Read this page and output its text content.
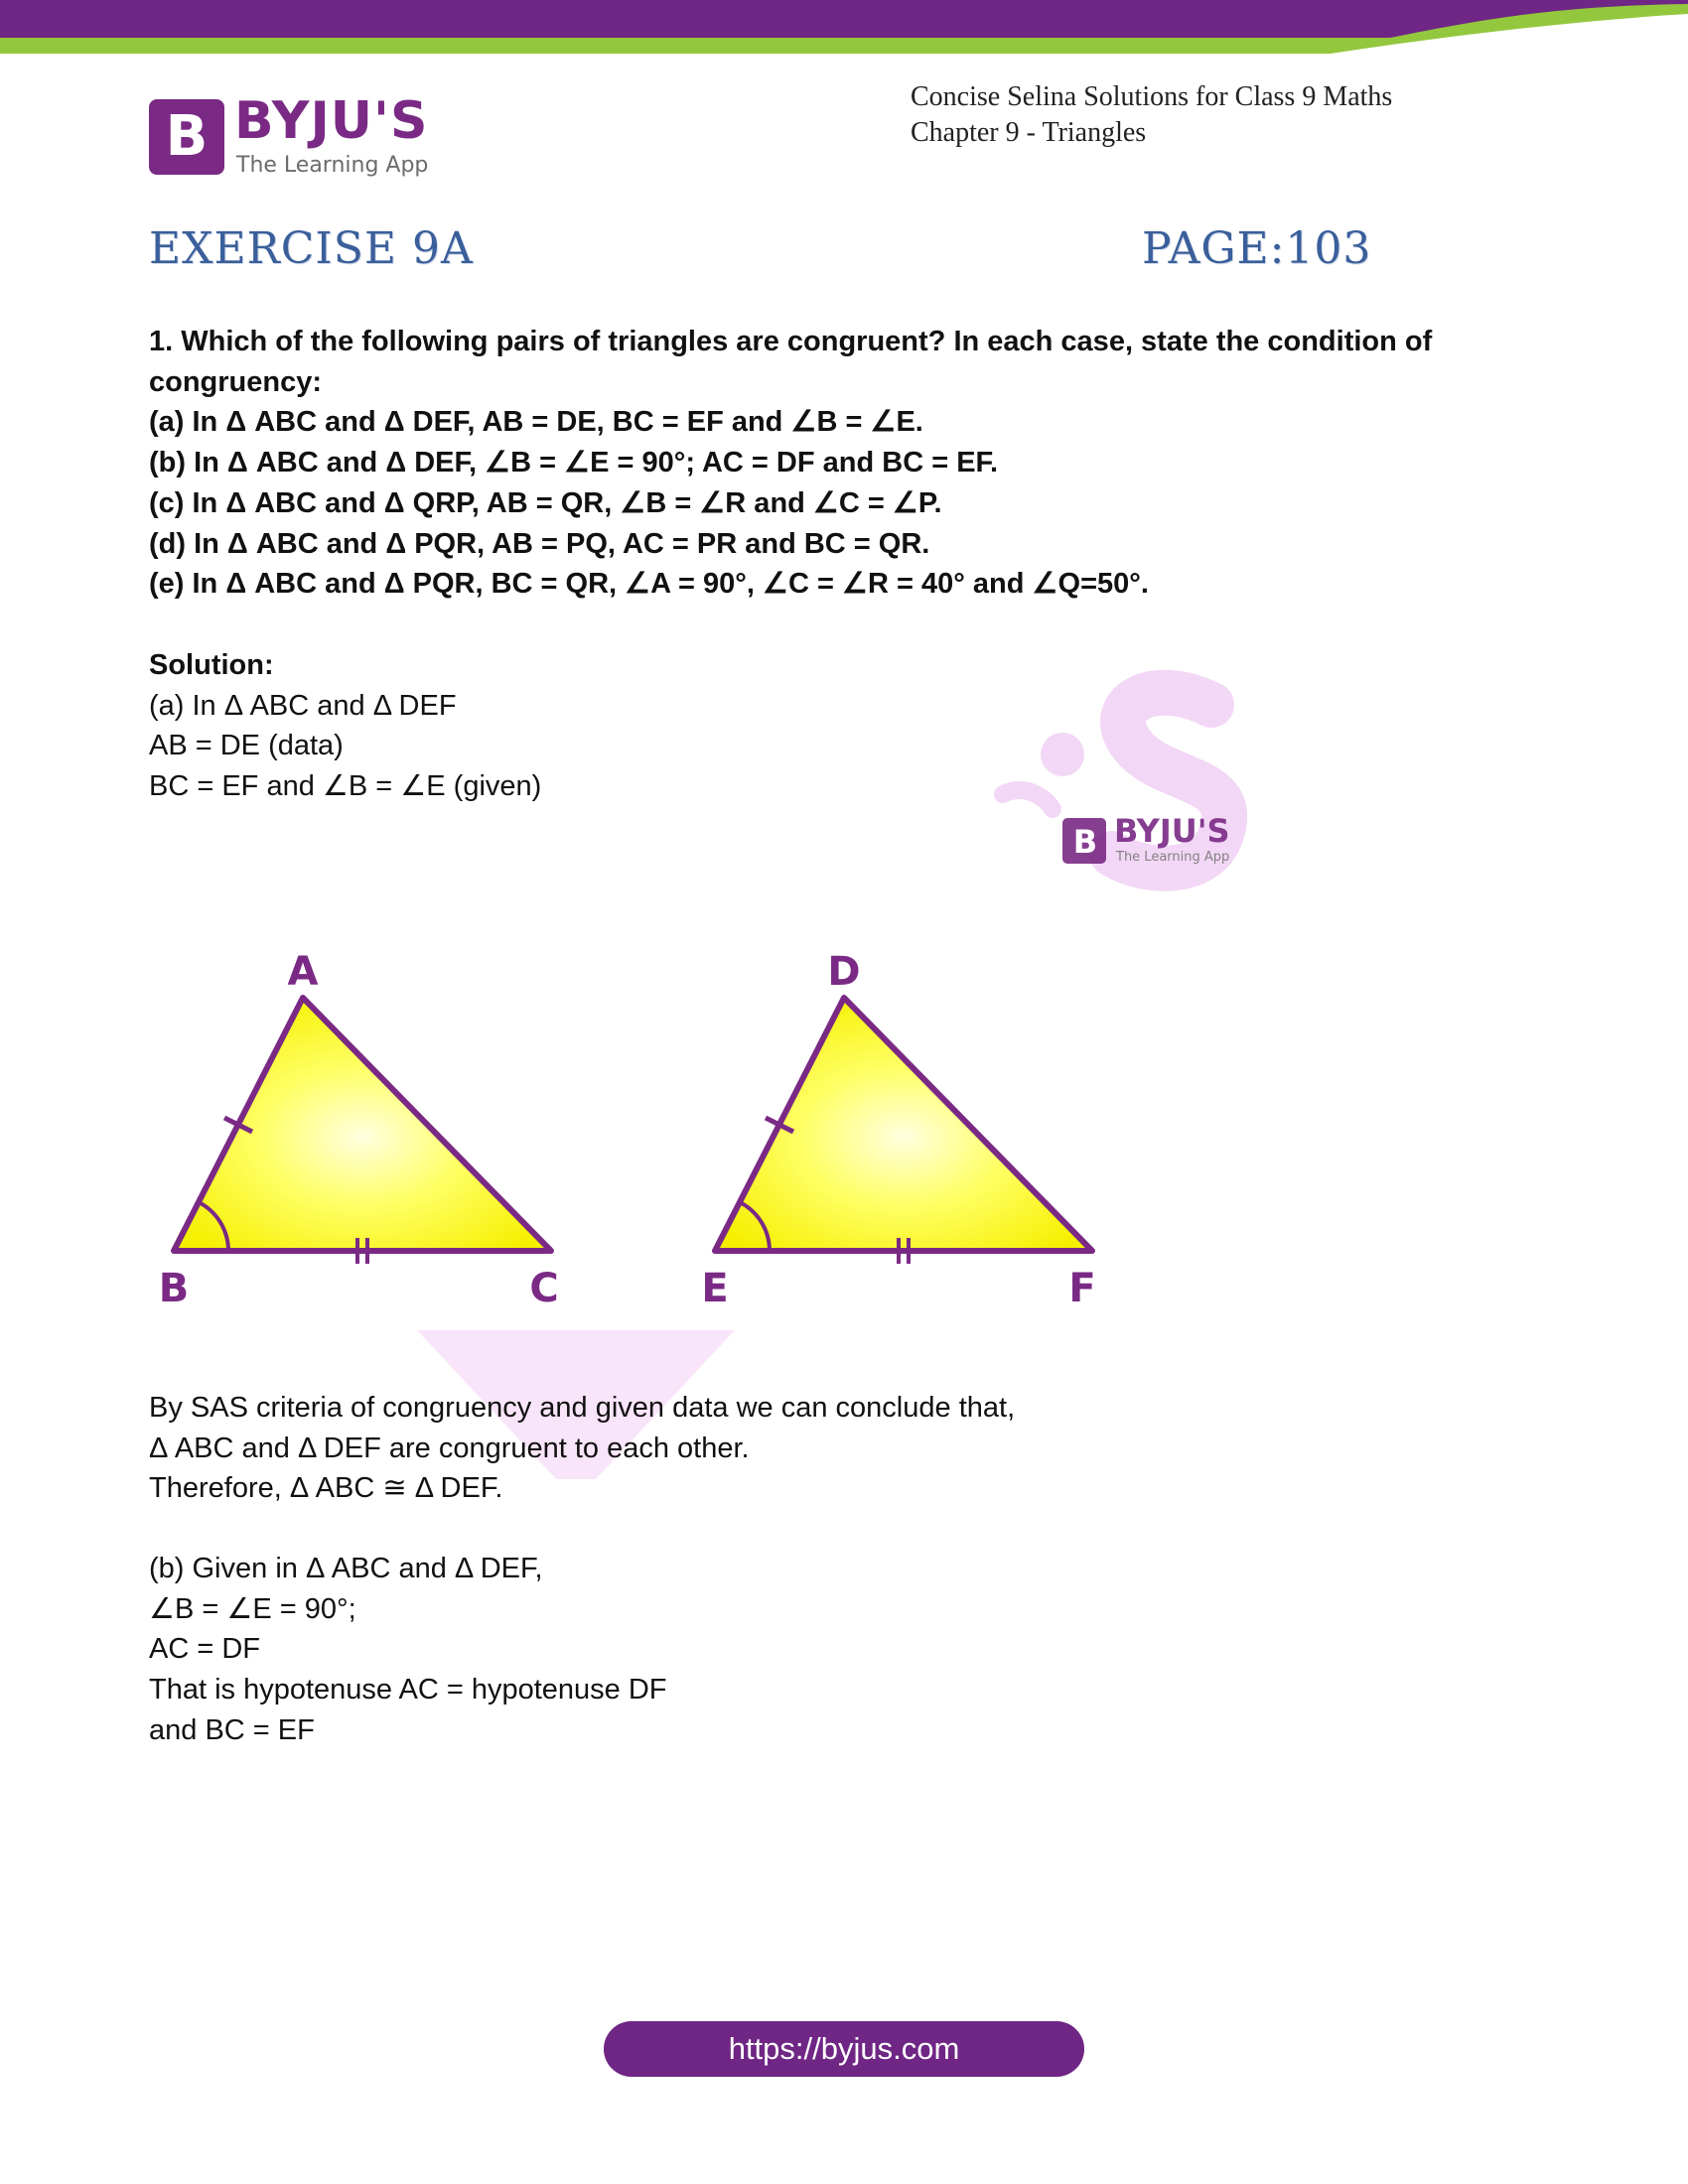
B BYJU'S
The Learning App
Concise Selina Solutions for Class 9 Maths
Chapter 9 - Triangles
EXERCISE 9A	PAGE:103
B BYJU'S
The Learning App
1. Which of the following pairs of triangles are congruent? In each case, state the condition of
congruency:
(a) In Δ ABC and Δ DEF, AB = DE, BC = EF and ∠B = ∠E.
(b) In Δ ABC and Δ DEF, ∠B = ∠E = 90°; AC = DF and BC = EF.
(c) In Δ ABC and Δ QRP, AB = QR, ∠B = ∠R and ∠C = ∠P.
(d) In Δ ABC and Δ PQR, AB = PQ, AC = PR and BC = QR.
(e) In Δ ABC and Δ PQR, BC = QR, ∠A = 90°, ∠C = ∠R = 40° and ∠Q=50°.
Solution:
(a) In Δ ABC and Δ DEF
AB = DE (data)
BC = EF and ∠B = ∠E (given)
A
B	C
D
E	F
By SAS criteria of congruency and given data we can conclude that,
Δ ABC and Δ DEF are congruent to each other.
Therefore, Δ ABC ≅ Δ DEF.
(b) Given in Δ ABC and Δ DEF,
∠B = ∠E = 90°;
AC = DF
That is hypotenuse AC = hypotenuse DF
and BC = EF
https://byjus.com
